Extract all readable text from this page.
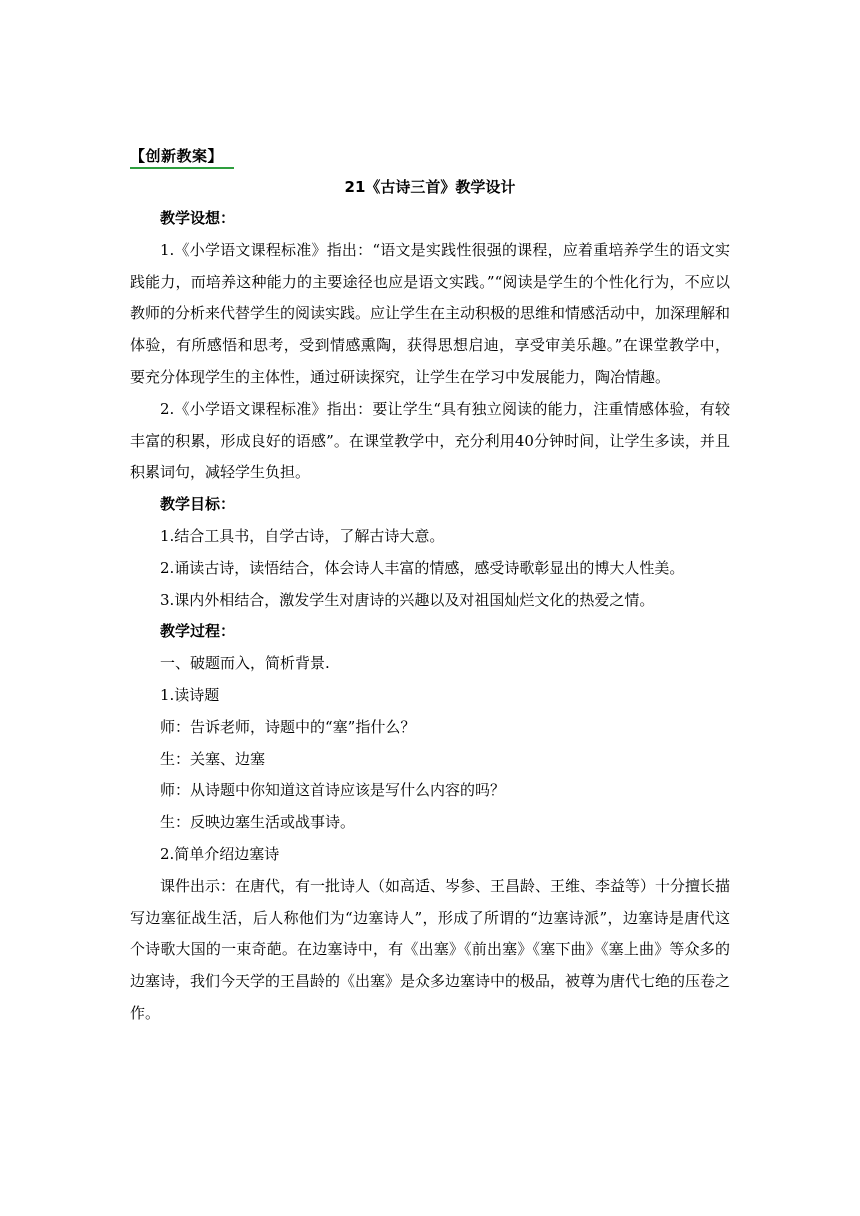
【创新教案】
21《古诗三首》教学设计

教学设想：

1.《小学语文课程标准》指出：“语文是实践性很强的课程，应着重培养学生的语文实践能力，而培养这种能力的主要途径也应是语文实践。”“阅读是学生的个性化行为，不应以教师的分析来代替学生的阅读实践。应让学生在主动积极的思维和情感活动中，加深理解和体验，有所感悟和思考，受到情感熏陶，获得思想启迪，享受审美乐趣。”在课堂教学中，要充分体现学生的主体性，通过研读探究，让学生在学习中发展能力，陶冶情趣。

2.《小学语文课程标准》指出：要让学生“具有独立阅读的能力，注重情感体验，有较丰富的积累，形成良好的语感”。在课堂教学中，充分利用40分钟时间，让学生多读，并且积累词句，减轻学生负担。

教学目标：

1.结合工具书，自学古诗，了解古诗大意。

2.诵读古诗，读悟结合，体会诗人丰富的情感，感受诗歌彰显出的博大人性美。

3.课内外相结合，激发学生对唐诗的兴趣以及对祖国灿烂文化的热爱之情。

教学过程：

一、破题而入，简析背景.

1.读诗题

师：告诉老师，诗题中的“塞”指什么？

生：关塞、边塞

师：从诗题中你知道这首诗应该是写什么内容的吗？

生：反映边塞生活或战事诗。

2.简单介绍边塞诗

课件出示：在唐代，有一批诗人（如高适、岑参、王昌龄、王维、李益等）十分擅长描写边塞征战生活，后人称他们为“边塞诗人”，形成了所谓的“边塞诗派”，边塞诗是唐代这个诗歌大国的一束奇葩。在边塞诗中，有《出塞》《前出塞》《塞下曲》《塞上曲》等众多的边塞诗，我们今天学的王昌龄的《出塞》是众多边塞诗中的极品，被尊为唐代七绝的压卷之作。
